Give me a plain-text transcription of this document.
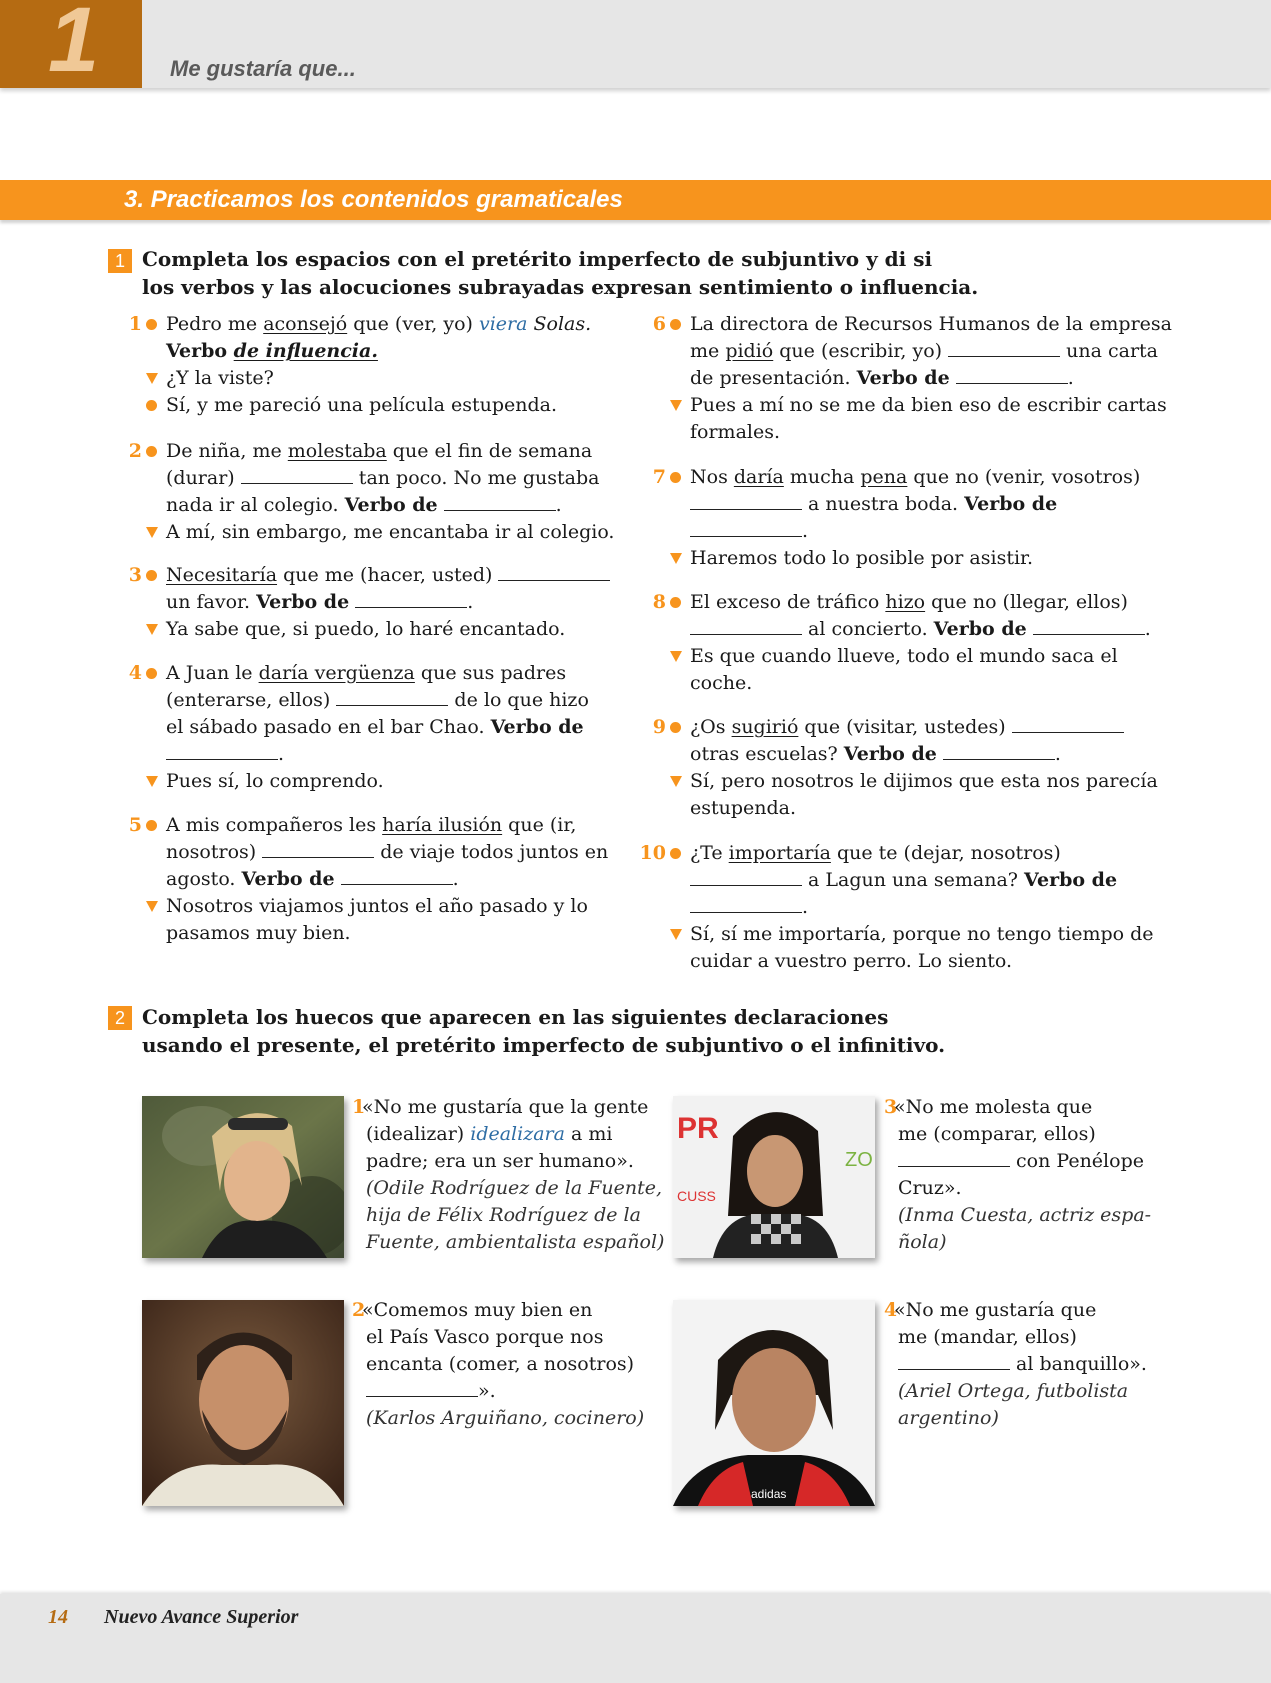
1	Me gustaría que...
3. Practicamos los contenidos gramaticales
1 Completa los espacios con el pretérito imperfecto de subjuntivo y di si
los verbos y las alocuciones subrayadas expresan sentimiento o influencia.
1 Pedro me aconsejó que (ver, yo) viera Solas.
Verbo de influencia.
¿Y la viste?
Sí, y me pareció una película estupenda.
2 De niña, me molestaba que el fin de semana
(durar)	tan poco. No me gustaba
nada ir al colegio. Verbo de	.
A mí, sin embargo, me encantaba ir al colegio.
3 Necesitaría que me (hacer, usted)
un favor. Verbo de	.
Ya sabe que, si puedo, lo haré encantado.
4 A Juan le daría vergüenza que sus padres
(enterarse, ellos)	de lo que hizo
el sábado pasado en el bar Chao. Verbo de
.
Pues sí, lo comprendo.
5 A mis compañeros les haría ilusión que (ir,
nosotros)	de viaje todos juntos en
agosto. Verbo de	.
Nosotros viajamos juntos el año pasado y lo
pasamos muy bien.
6 La directora de Recursos Humanos de la empresa
me pidió que (escribir, yo)	una carta
de presentación. Verbo de	.
Pues a mí no se me da bien eso de escribir cartas
formales.
7 Nos daría mucha pena que no (venir, vosotros)
a nuestra boda. Verbo de
.
Haremos todo lo posible por asistir.
8 El exceso de tráfico hizo que no (llegar, ellos)
al concierto. Verbo de	.
Es que cuando llueve, todo el mundo saca el
coche.
9 ¿Os sugirió que (visitar, ustedes)
otras escuelas? Verbo de	.
Sí, pero nosotros le dijimos que esta nos parecía
estupenda.
10 ¿Te importaría que te (dejar, nosotros)
a Lagun una semana? Verbo de
.
Sí, sí me importaría, porque no tengo tiempo de
cuidar a vuestro perro. Lo siento.
2 Completa los huecos que aparecen en las siguientes declaraciones
usando el presente, el pretérito imperfecto de subjuntivo o el infinitivo.
1
«No me gustaría que la gente
(idealizar) idealizara a mi
padre; era un ser humano».
(Odile Rodríguez de la Fuente,
hija de Félix Rodríguez de la
Fuente, ambientalista español)
PR
CUSS
ZO
3
«No me molesta que
me (comparar, ellos)
con Penélope
Cruz».
(Inma Cuesta, actriz espa-
ñola)
2
«Comemos muy bien en
el País Vasco porque nos
encanta (comer, a nosotros)
».
(Karlos Arguiñano, cocinero)
adidas
4
«No me gustaría que
me (mandar, ellos)
al banquillo».
(Ariel Ortega, futbolista
argentino)
14 Nuevo Avance Superior
